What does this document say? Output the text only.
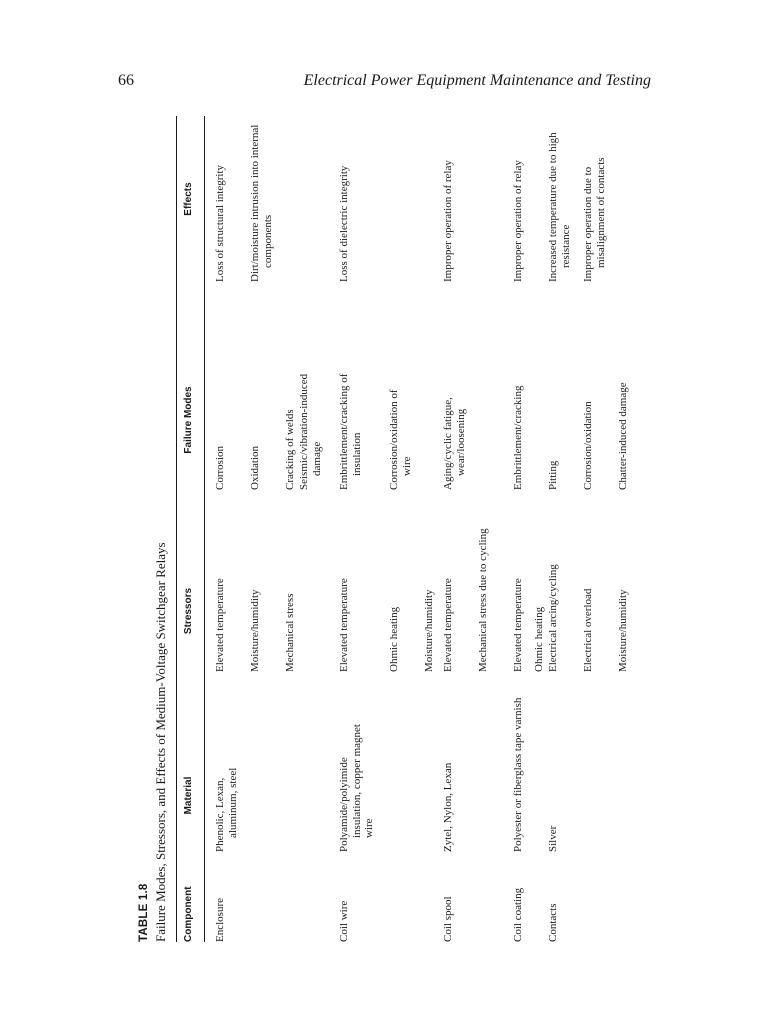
66	Electrical Power Equipment Maintenance and Testing
TABLE 1.8 Failure Modes, Stressors, and Effects of Medium-Voltage Switchgear Relays Component
Material
Stressors
Failure Modes
Effects
Enclosure
Phenolic, Lexan, aluminum, steel
Elevated temperature Moisture/humidity Mechanical stress
Corrosion Oxidation Cracking of welds Seismic/vibration-induced damage
Loss of structural integrity Dirt/moisture intrusion into internal components
Coil wire
Polyamide/polyimide insulation, copper magnet wire
Elevated temperature	Ohmic heating Moisture/humidity
Embrittlement/cracking of insulation Corrosion/oxidation of wire
Loss of dielectric integrity
Coil spool
Zytel, Nylon, Lexan
Elevated temperature Mechanical stress due to cycling
Aging/cyclic fatigue, wear/loosening
Improper operation of relay
Coil coating
Polyester or fiberglass tape varnish
Elevated temperature Ohmic heating
Embrittlement/cracking
Improper operation of relay
Contacts
Silver
Electrical arcing/cycling Electrical overload Moisture/humidity
Pitting Corrosion/oxidation Chatter-induced damage
Increased temperature due to high resistance Improper operation due to misalignment of contacts
